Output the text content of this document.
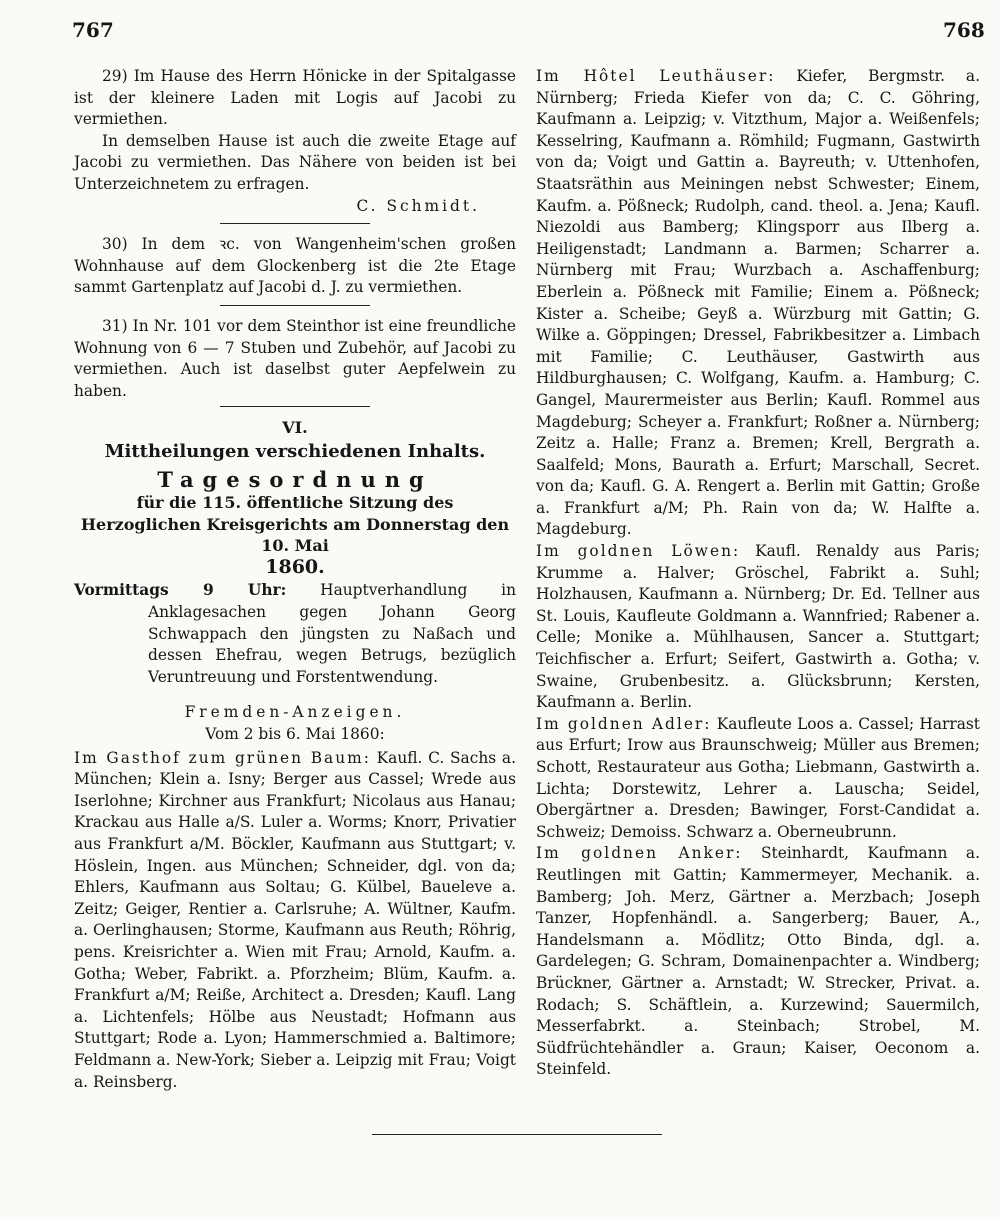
767	768

29) Im Hause des Herrn Hönicke in der Spitalgasse ist der kleinere Laden mit Logis auf Jacobi zu vermiethen.

In demselben Hause ist auch die zweite Etage auf Jacobi zu vermiethen. Das Nähere von beiden ist bei Unterzeichnetem zu erfragen.

C. Schmidt.

30) In dem ꝛc. von Wangenheim'schen großen Wohnhause auf dem Glockenberg ist die 2te Etage sammt Gartenplatz auf Jacobi d. J. zu vermiethen.

31) In Nr. 101 vor dem Steinthor ist eine freundliche Wohnung von 6 — 7 Stuben und Zubehör, auf Jacobi zu vermiethen. Auch ist daselbst guter Aepfelwein zu haben.

VI.
Mittheilungen verschiedenen Inhalts.
Tagesordnung
für die 115. öffentliche Sitzung des Herzoglichen Kreisgerichts am Donnerstag den 10. Mai
1860.

Vormittags 9 Uhr: Hauptverhandlung in Anklagesachen gegen Johann Georg Schwappach den jüngsten zu Naßach und dessen Ehefrau, wegen Betrugs, bezüglich Veruntreuung und Forstentwendung.

Fremden-Anzeigen.
Vom 2 bis 6. Mai 1860:

Im Gasthof zum grünen Baum: Kaufl. C. Sachs a. München; Klein a. Isny; Berger aus Cassel; Wrede aus Iserlohne; Kirchner aus Frankfurt; Nicolaus aus Hanau; Krackau aus Halle a/S. Luler a. Worms; Knorr, Privatier aus Frankfurt a/M. Böckler, Kaufmann aus Stuttgart; v. Höslein, Ingen. aus München; Schneider, dgl. von da; Ehlers, Kaufmann aus Soltau; G. Külbel, Baueleve a. Zeitz; Geiger, Rentier a. Carlsruhe; A. Wültner, Kaufm. a. Oerlinghausen; Storme, Kaufmann aus Reuth; Röhrig, pens. Kreisrichter a. Wien mit Frau; Arnold, Kaufm. a. Gotha; Weber, Fabrikt. a. Pforzheim; Blüm, Kaufm. a. Frankfurt a/M; Reiße, Architect a. Dresden; Kaufl. Lang a. Lichtenfels; Hölbe aus Neustadt; Hofmann aus Stuttgart; Rode a. Lyon; Hammerschmied a. Baltimore; Feldmann a. New-York; Sieber a. Leipzig mit Frau; Voigt a. Reinsberg.

Im Hôtel Leuthäuser: Kiefer, Bergmstr. a. Nürnberg; Frieda Kiefer von da; C. C. Göhring, Kaufmann a. Leipzig; v. Vitzthum, Major a. Weißenfels; Kesselring, Kaufmann a. Römhild; Fugmann, Gastwirth von da; Voigt und Gattin a. Bayreuth; v. Uttenhofen, Staatsräthin aus Meiningen nebst Schwester; Einem, Kaufm. a. Pößneck; Rudolph, cand. theol. a. Jena; Kaufl. Niezoldi aus Bamberg; Klingsporr aus Ilberg a. Heiligenstadt; Landmann a. Barmen; Scharrer a. Nürnberg mit Frau; Wurzbach a. Aschaffenburg; Eberlein a. Pößneck mit Familie; Einem a. Pößneck; Kister a. Scheibe; Geyß a. Würzburg mit Gattin; G. Wilke a. Göppingen; Dressel, Fabrikbesitzer a. Limbach mit Familie; C. Leuthäuser, Gastwirth aus Hildburghausen; C. Wolfgang, Kaufm. a. Hamburg; C. Gangel, Maurermeister aus Berlin; Kaufl. Rommel aus Magdeburg; Scheyer a. Frankfurt; Roßner a. Nürnberg; Zeitz a. Halle; Franz a. Bremen; Krell, Bergrath a. Saalfeld; Mons, Baurath a. Erfurt; Marschall, Secret. von da; Kaufl. G. A. Rengert a. Berlin mit Gattin; Große a. Frankfurt a/M; Ph. Rain von da; W. Halfte a. Magdeburg.

Im goldnen Löwen: Kaufl. Renaldy aus Paris; Krumme a. Halver; Gröschel, Fabrikt a. Suhl; Holzhausen, Kaufmann a. Nürnberg; Dr. Ed. Tellner aus St. Louis, Kaufleute Goldmann a. Wannfried; Rabener a. Celle; Monike a. Mühlhausen, Sancer a. Stuttgart; Teichfischer a. Erfurt; Seifert, Gastwirth a. Gotha; v. Swaine, Grubenbesitz. a. Glücksbrunn; Kersten, Kaufmann a. Berlin.

Im goldnen Adler: Kaufleute Loos a. Cassel; Harrast aus Erfurt; Irow aus Braunschweig; Müller aus Bremen; Schott, Restaurateur aus Gotha; Liebmann, Gastwirth a. Lichta; Dorstewitz, Lehrer a. Lauscha; Seidel, Obergärtner a. Dresden; Bawinger, Forst-Candidat a. Schweiz; Demoiss. Schwarz a. Oberneubrunn.

Im goldnen Anker: Steinhardt, Kaufmann a. Reutlingen mit Gattin; Kammermeyer, Mechanik. a. Bamberg; Joh. Merz, Gärtner a. Merzbach; Joseph Tanzer, Hopfenhändl. a. Sangerberg; Bauer, A., Handelsmann a. Mödlitz; Otto Binda, dgl. a. Gardelegen; G. Schram, Domainenpachter a. Windberg; Brückner, Gärtner a. Arnstadt; W. Strecker, Privat. a. Rodach; S. Schäftlein, a. Kurzewind; Sauermilch, Messerfabrkt. a. Steinbach; Strobel, M. Südfrüchtehändler a. Graun; Kaiser, Oeconom a. Steinfeld.
